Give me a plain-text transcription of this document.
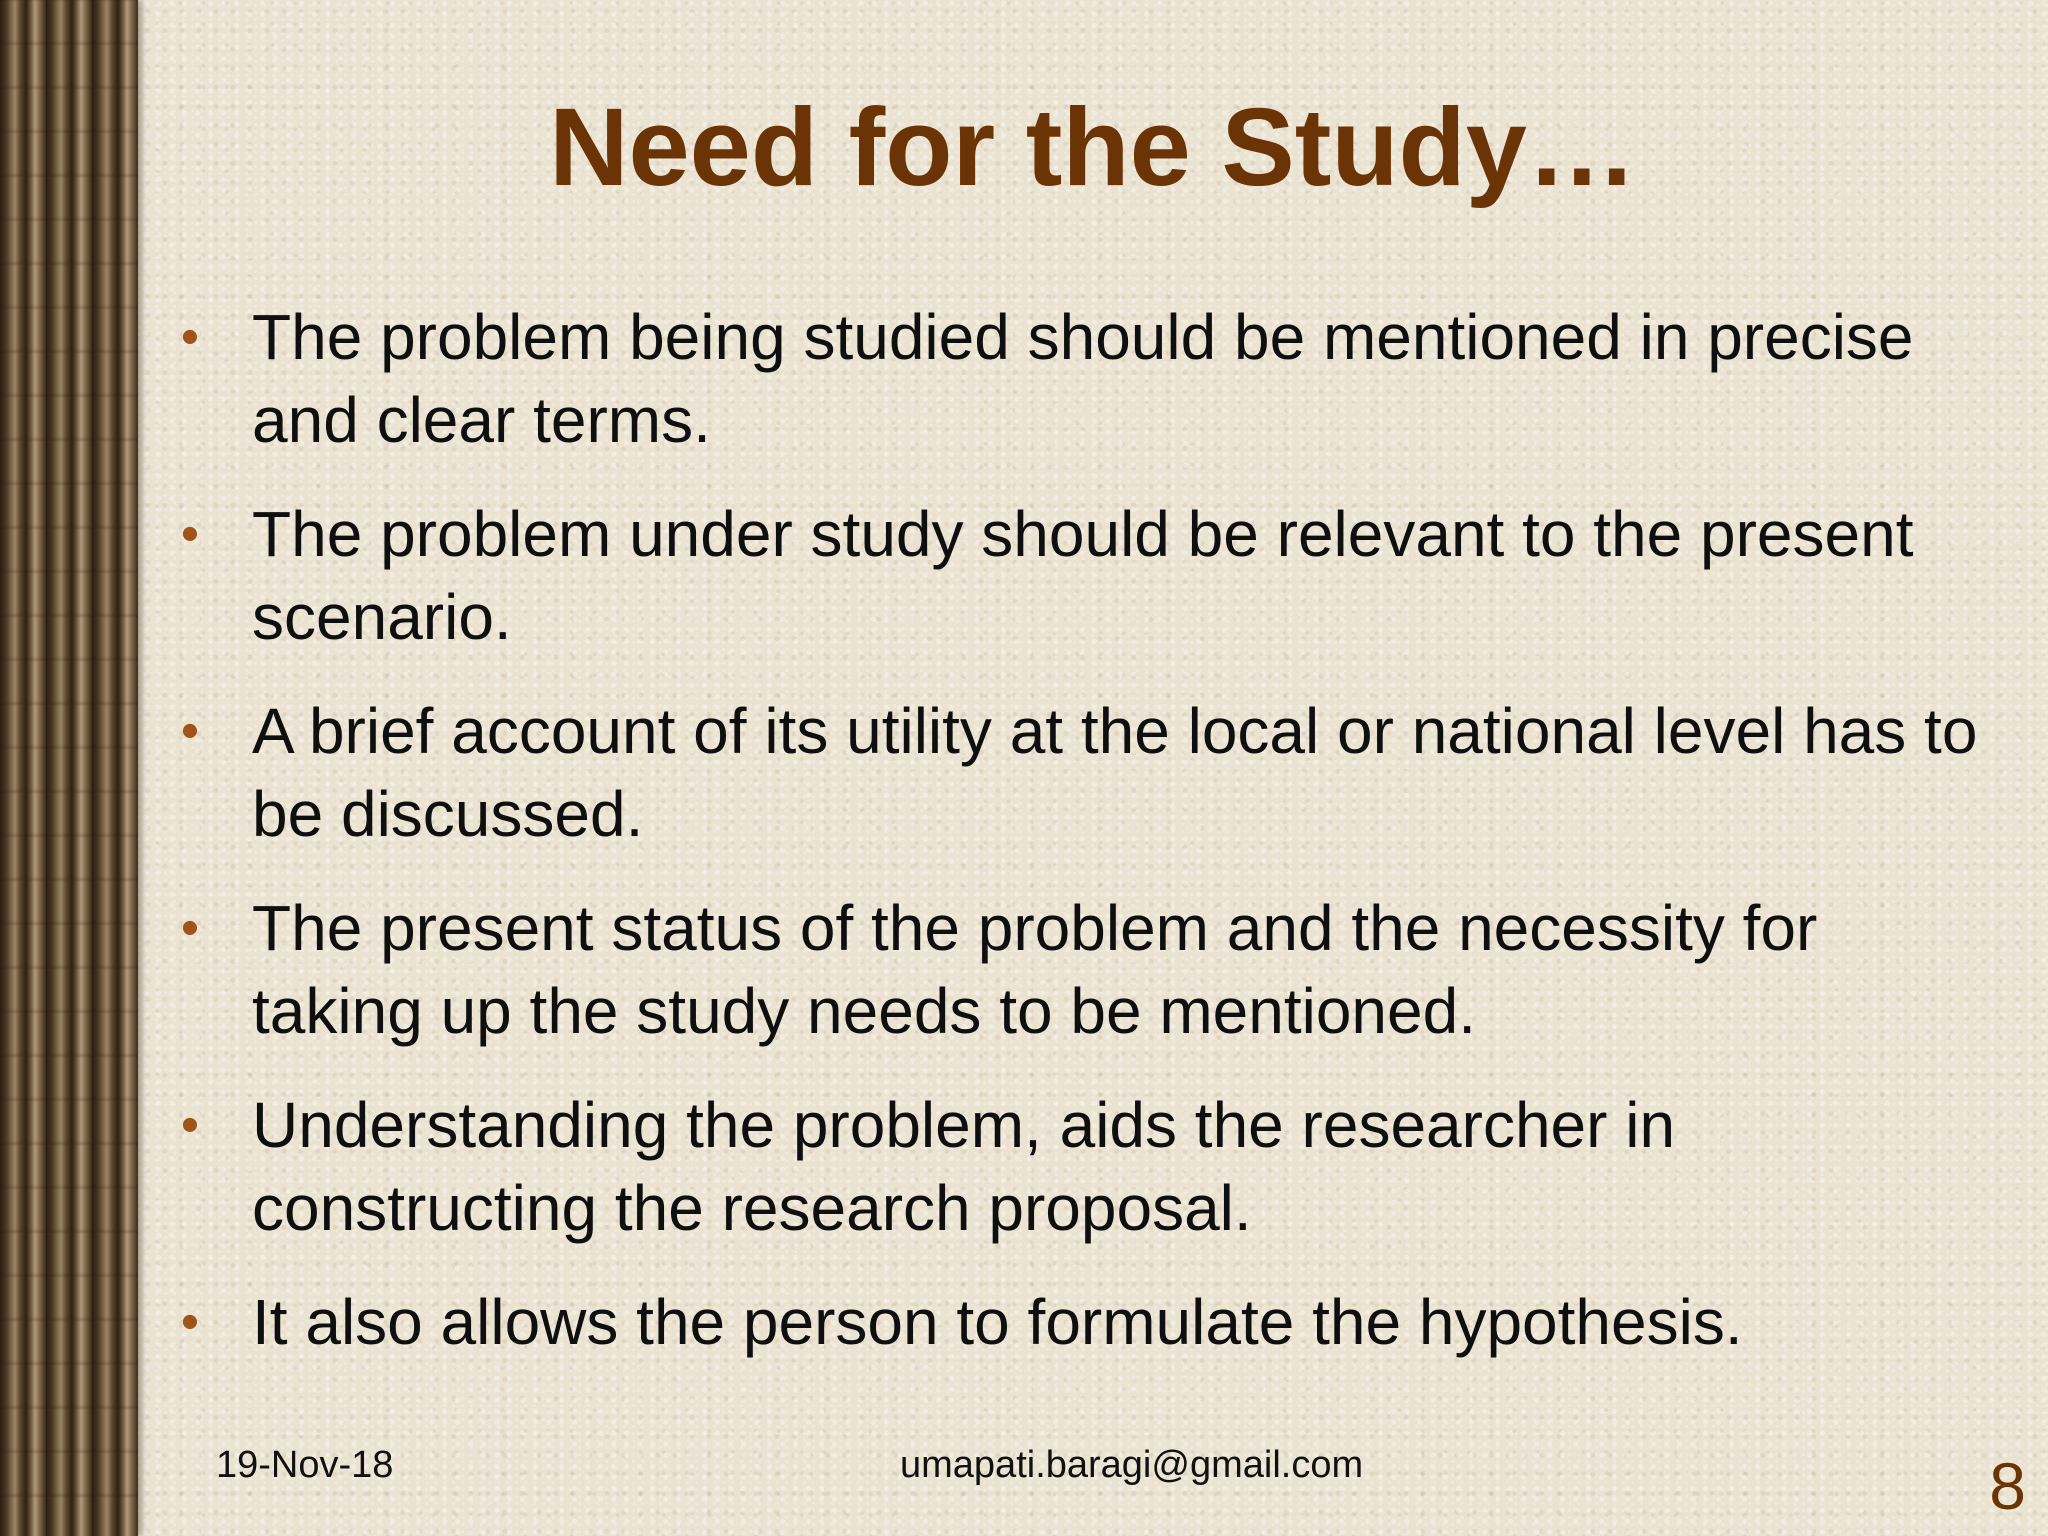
Need for the Study…
• The problem being studied should be mentioned in precise and clear terms.
• The problem under study should be relevant to the present scenario.
• A brief account of its utility at the local or national level has to be discussed.
• The present status of the problem and the necessity for taking up the study needs to be mentioned.
• Understanding the problem, aids the researcher in constructing the research proposal.
• It also allows the person to formulate the hypothesis.
19-Nov-18	umapati.baragi@gmail.com	8
